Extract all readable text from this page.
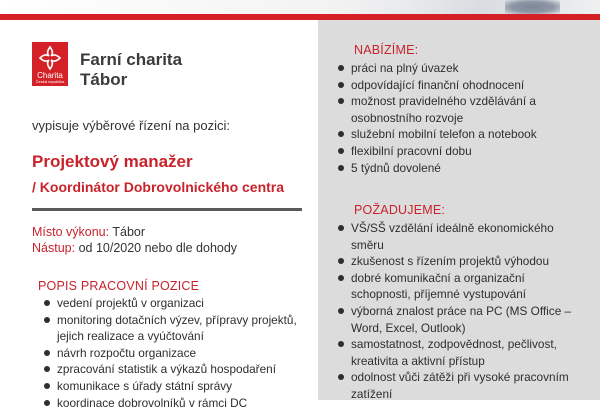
Charita
Česká republika
Farní charita
Tábor
vypisuje výběrové řízení na pozici:
Projektový manažer
/ Koordinátor Dobrovolnického centra
Místo výkonu: Tábor
Nástup: od 10/2020 nebo dle dohody
POPIS PRACOVNÍ POZICE
vedení projektů v organizaci
monitoring dotačních výzev, přípravy projektů, jejich realizace a vyúčtování
návrh rozpočtu organizace
zpracování statistik a výkazů hospodaření
komunikace s úřady státní správy
koordinace dobrovolníků v rámci DC
NABÍZÍME:
práci na plný úvazek
odpovídající finanční ohodnocení
možnost pravidelného vzdělávání a osobnostního rozvoje
služební mobilní telefon a notebook
flexibilní pracovní dobu
5 týdnů dovolené
POŽADUJEME:
VŠ/SŠ vzdělání ideálně ekonomického směru
zkušenost s řízením projektů výhodou
dobré komunikační a organizační schopnosti, příjemné vystupování
výborná znalost práce na PC (MS Office – Word, Excel, Outlook)
samostatnost, zodpovědnost, pečlivost, kreativita a aktivní přístup
odolnost vůči zátěži při vysoké pracovním zatížení
